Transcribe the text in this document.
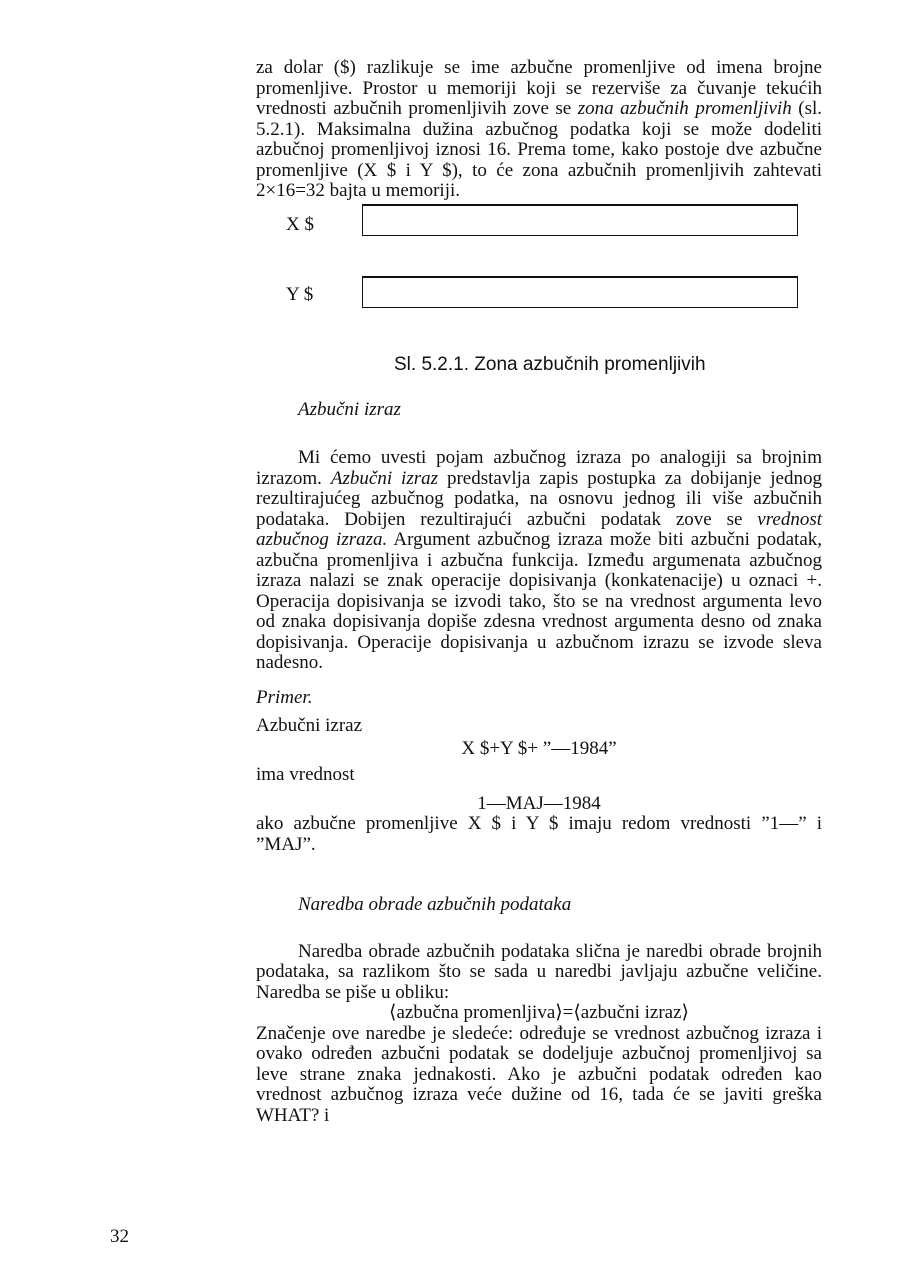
za dolar ($) razlikuje se ime azbučne promenljive od imena brojne promenljive. Prostor u memoriji koji se rezerviše za čuvanje tekućih vrednosti azbučnih promenljivih zove se zona azbučnih promenljivih (sl. 5.2.1). Maksimalna dužina azbučnog podatka koji se može dodeliti azbučnoj promenljivoj iznosi 16. Prema tome, kako postoje dve azbučne promenljive (X $ i Y $), to će zona azbučnih promenljivih zahtevati 2×16=32 bajta u memoriji.

X $
Y $
Sl. 5.2.1. Zona azbučnih promenljivih

Azbučni izraz

Mi ćemo uvesti pojam azbučnog izraza po analogiji sa brojnim izrazom. Azbučni izraz predstavlja zapis postupka za dobijanje jednog rezultirajućeg azbučnog podatka, na osnovu jednog ili više azbučnih podataka. Dobijen rezultirajući azbučni podatak zove se vrednost azbučnog izraza. Argument azbučnog izraza može biti azbučni podatak, azbučna promenljiva i azbučna funkcija. Između argumenata azbučnog izraza nalazi se znak operacije dopisivanja (konkatenacije) u oznaci +. Operacija dopisivanja se izvodi tako, što se na vrednost argumenta levo od znaka dopisivanja dopiše zdesna vrednost argumenta desno od znaka dopisivanja. Operacije dopisivanja u azbučnom izrazu se izvode sleva nadesno.

Primer.

Azbučni izraz

X $+Y $+ ”—1984”

ima vrednost

1—MAJ—1984

ako azbučne promenljive X $ i Y $ imaju redom vrednosti ”1—” i ”MAJ”.

Naredba obrade azbučnih podataka

Naredba obrade azbučnih podataka slična je naredbi obrade brojnih podataka, sa razlikom što se sada u naredbi javljaju azbučne veličine. Naredba se piše u obliku:

⟨azbučna promenljiva⟩=⟨azbučni izraz⟩

Značenje ove naredbe je sledeće: određuje se vrednost azbučnog izraza i ovako određen azbučni podatak se dodeljuje azbučnoj promenljivoj sa leve strane znaka jednakosti. Ako je azbučni podatak određen kao vrednost azbučnog izraza veće dužine od 16, tada će se javiti greška WHAT? i

32
